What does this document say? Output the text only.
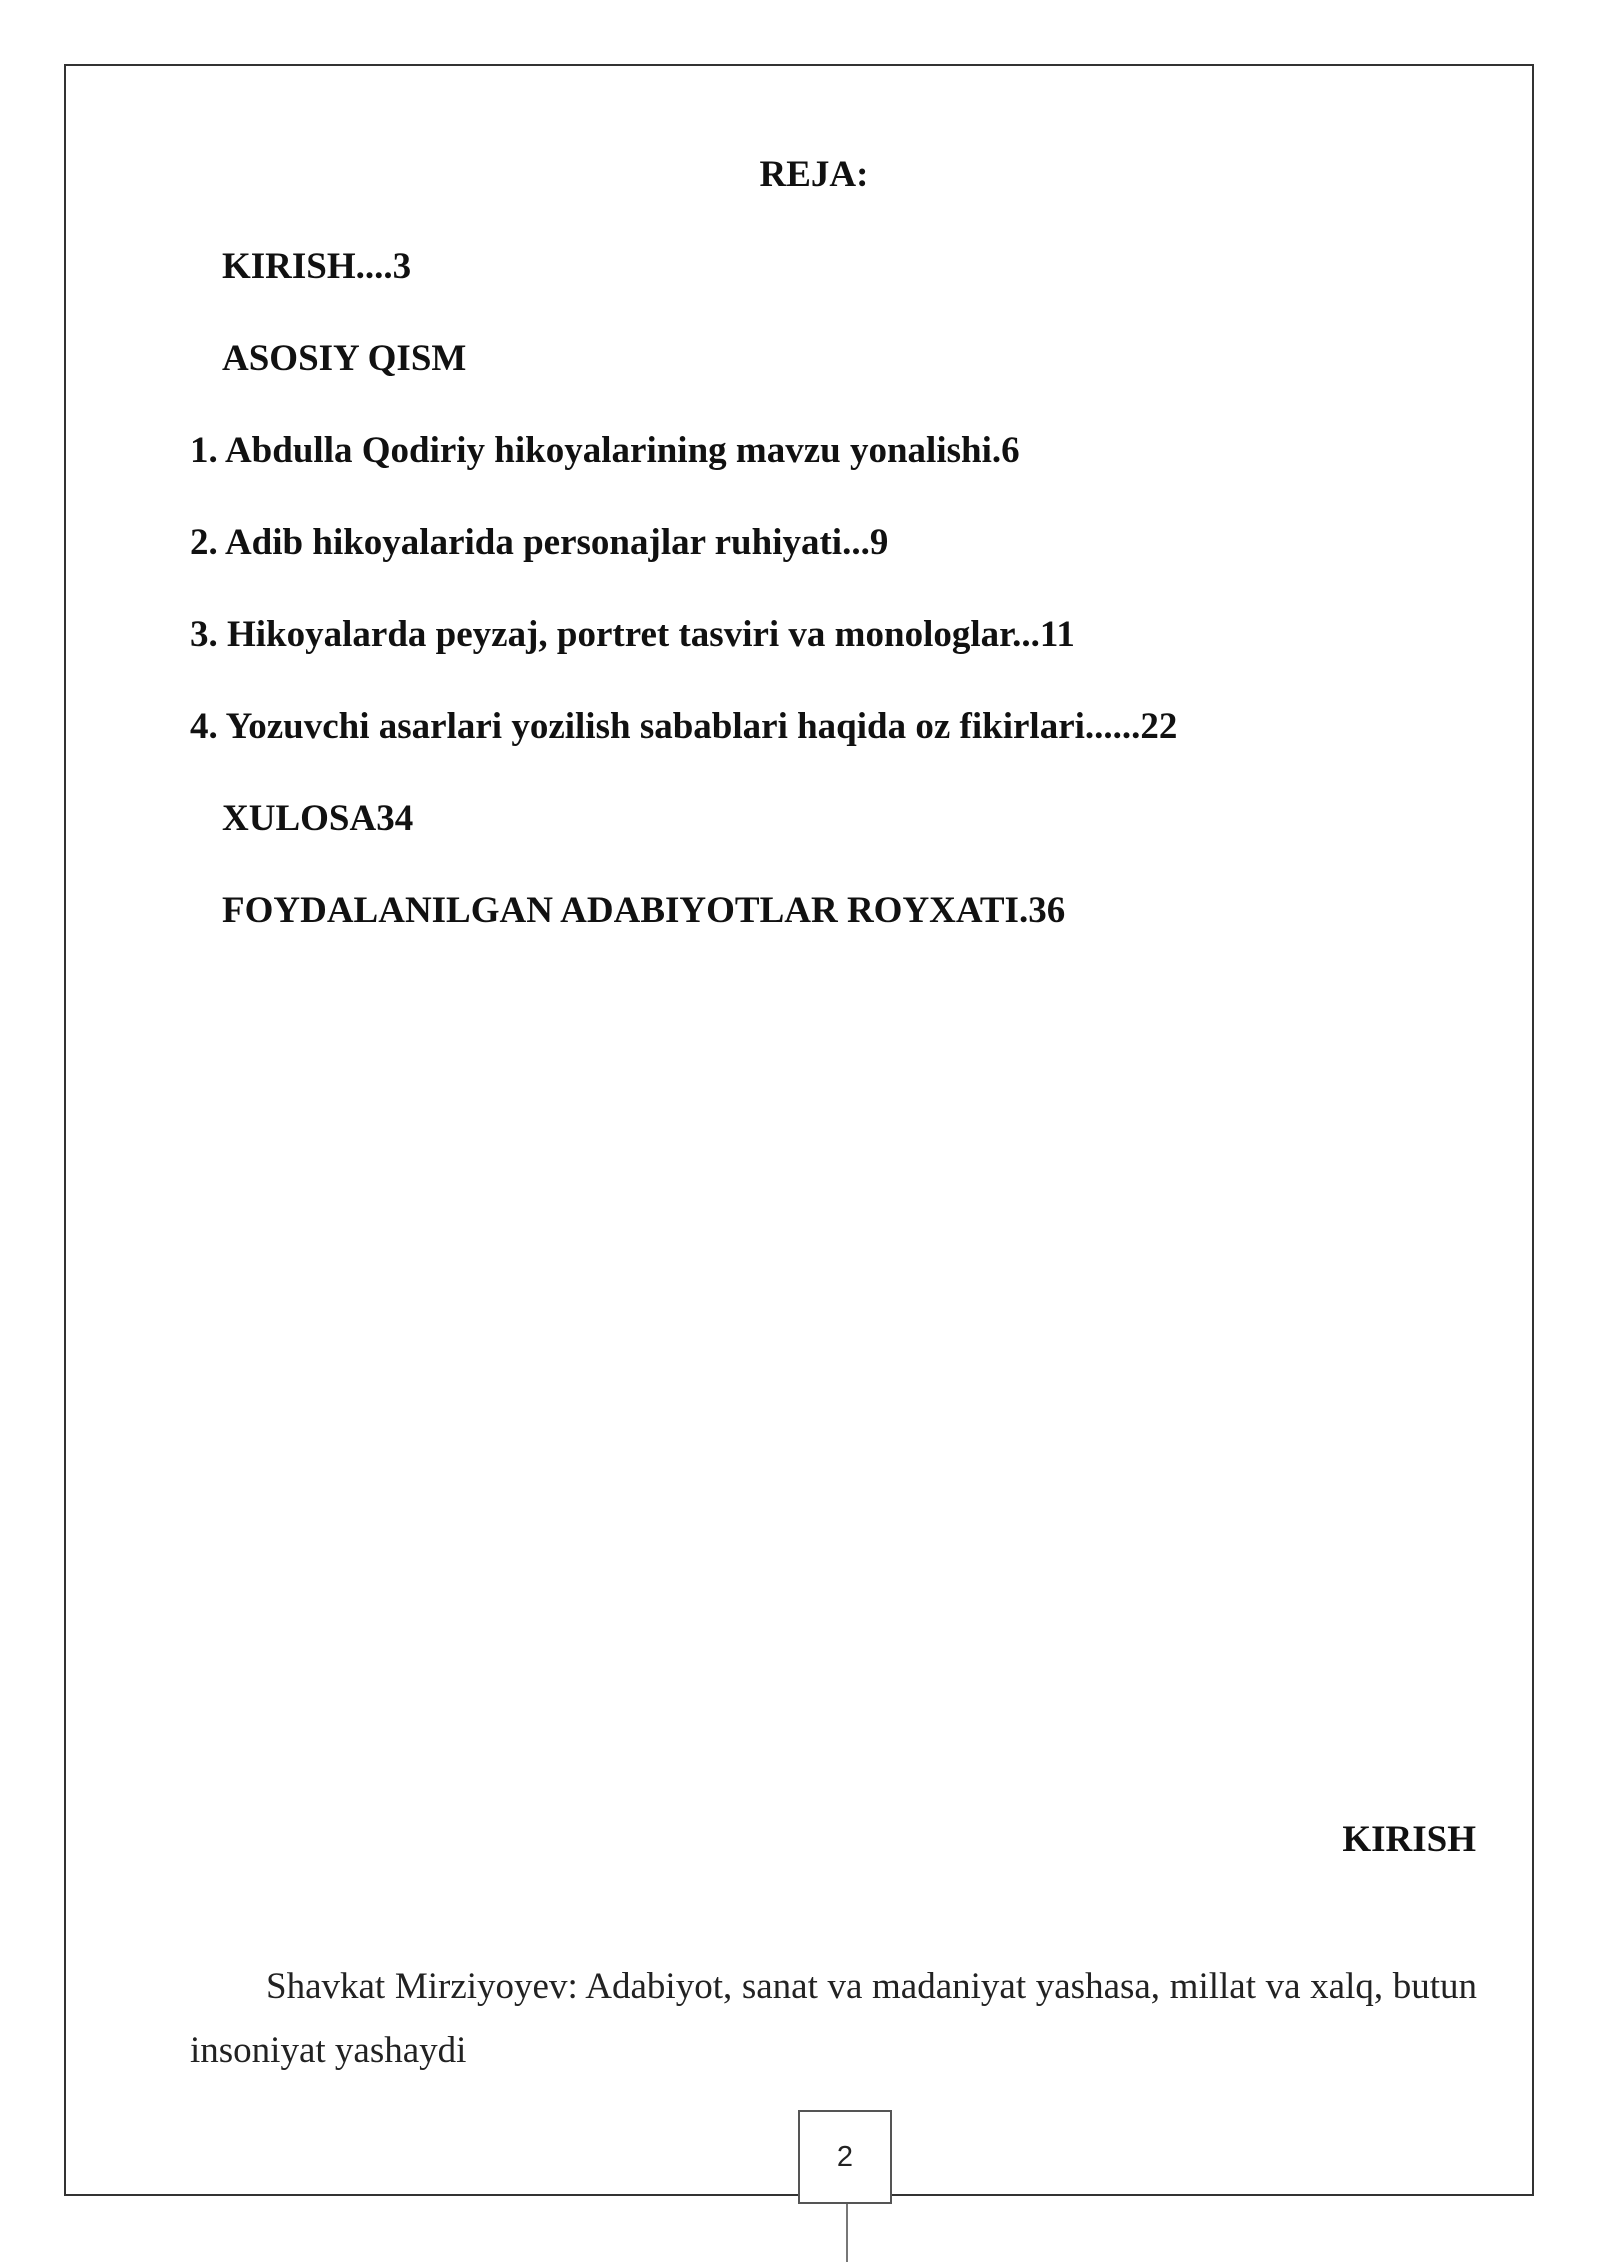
REJA:

KIRISH....3

ASOSIY QISM

1. Abdulla Qodiriy hikoyalarining mavzu yonalishi.6

2. Adib hikoyalarida personajlar ruhiyati...9

3. Hikoyalarda peyzaj, portret tasviri va monologlar...11

4. Yozuvchi asarlari yozilish sabablari haqida oz fikirlari......22

XULOSA34

FOYDALANILGAN ADABIYOTLAR ROYXATI.36

KIRISH

Shavkat Mirziyoyev: Adabiyot, sanat va madaniyat yashasa, millat va xalq, butun insoniyat yashaydi

2
